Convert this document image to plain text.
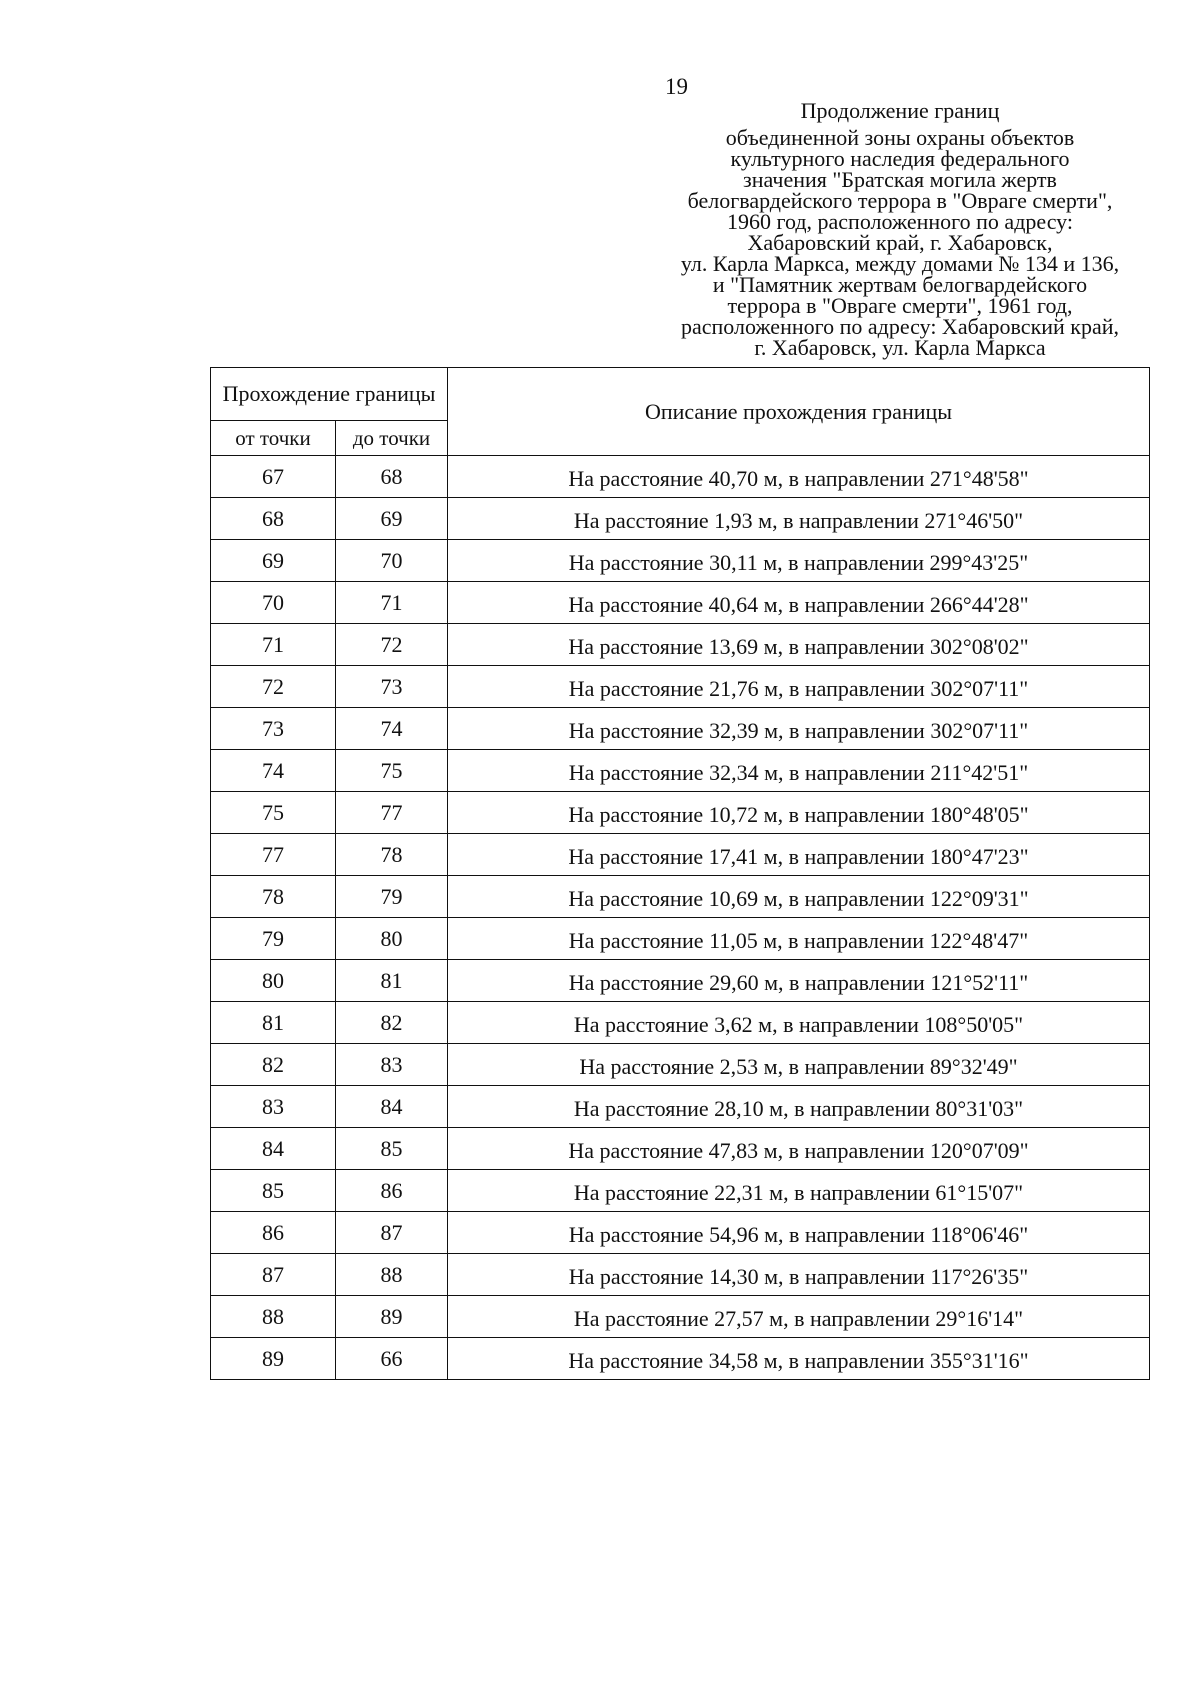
19
Продолжение границ
объединенной зоны охраны объектов
культурного наследия федерального
значения "Братская могила жертв
белогвардейского террора в "Овраге смерти",
1960 год, расположенного по адресу:
Хабаровский край, г. Хабаровск,
ул. Карла Маркса, между домами № 134 и 136,
и "Памятник жертвам белогвардейского
террора в "Овраге смерти", 1961 год,
расположенного по адресу: Хабаровский край,
г. Хабаровск, ул. Карла Маркса
Прохождение границы		Описание прохождения границы
от точки	до точки	
67	68	На расстояние 40,70 м, в направлении 271°48'58"
68	69	На расстояние 1,93 м, в направлении 271°46'50"
69	70	На расстояние 30,11 м, в направлении 299°43'25"
70	71	На расстояние 40,64 м, в направлении 266°44'28"
71	72	На расстояние 13,69 м, в направлении 302°08'02"
72	73	На расстояние 21,76 м, в направлении 302°07'11"
73	74	На расстояние 32,39 м, в направлении 302°07'11"
74	75	На расстояние 32,34 м, в направлении 211°42'51"
75	77	На расстояние 10,72 м, в направлении 180°48'05"
77	78	На расстояние 17,41 м, в направлении 180°47'23"
78	79	На расстояние 10,69 м, в направлении 122°09'31"
79	80	На расстояние 11,05 м, в направлении 122°48'47"
80	81	На расстояние 29,60 м, в направлении 121°52'11"
81	82	На расстояние 3,62 м, в направлении 108°50'05"
82	83	На расстояние 2,53 м, в направлении 89°32'49"
83	84	На расстояние 28,10 м, в направлении 80°31'03"
84	85	На расстояние 47,83 м, в направлении 120°07'09"
85	86	На расстояние 22,31 м, в направлении 61°15'07"
86	87	На расстояние 54,96 м, в направлении 118°06'46"
87	88	На расстояние 14,30 м, в направлении 117°26'35"
88	89	На расстояние 27,57 м, в направлении 29°16'14"
89	66	На расстояние 34,58 м, в направлении 355°31'16"
